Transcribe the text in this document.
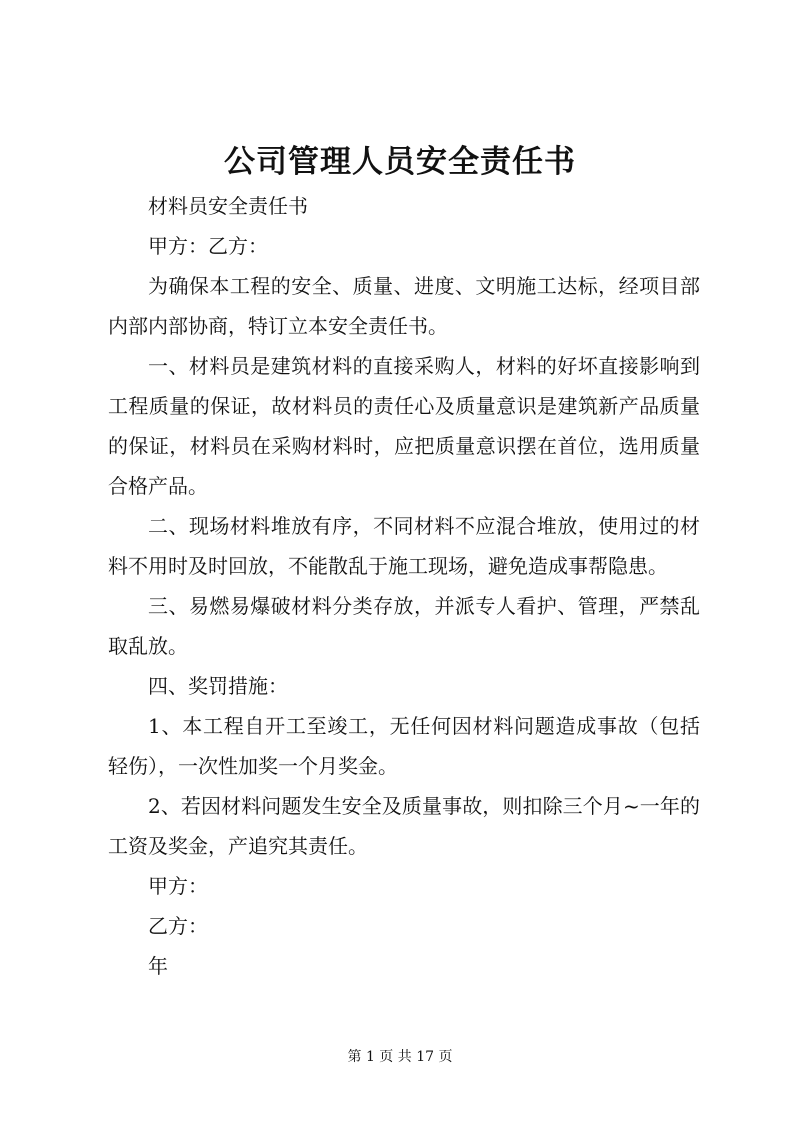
公司管理人员安全责任书

材料员安全责任书

甲方：乙方：

为确保本工程的安全、质量、进度、文明施工达标，经项目部内部内部协商，特订立本安全责任书。

一、材料员是建筑材料的直接采购人，材料的好坏直接影响到工程质量的保证，故材料员的责任心及质量意识是建筑新产品质量的保证，材料员在采购材料时，应把质量意识摆在首位，选用质量合格产品。

二、现场材料堆放有序，不同材料不应混合堆放，使用过的材料不用时及时回放，不能散乱于施工现场，避免造成事帮隐患。

三、易燃易爆破材料分类存放，并派专人看护、管理，严禁乱取乱放。

四、奖罚措施：

1、本工程自开工至竣工，无任何因材料问题造成事故（包括轻伤），一次性加奖一个月奖金。

2、若因材料问题发生安全及质量事故，则扣除三个月~一年的工资及奖金，产追究其责任。

甲方：

乙方：

年

第 1 页 共 17 页
